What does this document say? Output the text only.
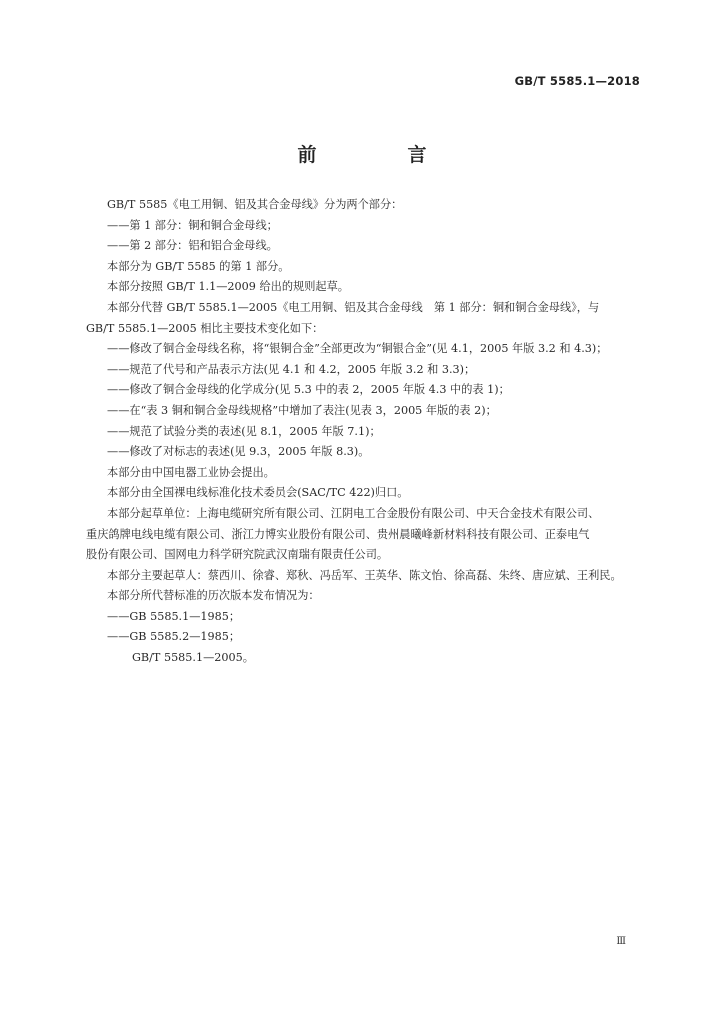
GB/T 5585.1—2018
前　言
GB/T 5585《电工用铜、铝及其合金母线》分为两个部分：
——第 1 部分：铜和铜合金母线；
——第 2 部分：铝和铝合金母线。
本部分为 GB/T 5585 的第 1 部分。
本部分按照 GB/T 1.1—2009 给出的规则起草。
本部分代替 GB/T 5585.1—2005《电工用铜、铝及其合金母线　第 1 部分：铜和铜合金母线》，与
GB/T 5585.1—2005 相比主要技术变化如下：
——修改了铜合金母线名称，将“银铜合金”全部更改为“铜银合金”(见 4.1，2005 年版 3.2 和 4.3)；
——规范了代号和产品表示方法(见 4.1 和 4.2，2005 年版 3.2 和 3.3)；
——修改了铜合金母线的化学成分(见 5.3 中的表 2，2005 年版 4.3 中的表 1)；
——在“表 3 铜和铜合金母线规格”中增加了表注(见表 3，2005 年版的表 2)；
——规范了试验分类的表述(见 8.1，2005 年版 7.1)；
——修改了对标志的表述(见 9.3，2005 年版 8.3)。
本部分由中国电器工业协会提出。
本部分由全国裸电线标准化技术委员会(SAC/TC 422)归口。
本部分起草单位：上海电缆研究所有限公司、江阴电工合金股份有限公司、中天合金技术有限公司、
重庆鸽牌电线电缆有限公司、浙江力博实业股份有限公司、贵州晨曦峰新材料科技有限公司、正泰电气
股份有限公司、国网电力科学研究院武汉南瑞有限责任公司。
本部分主要起草人：蔡西川、徐睿、郑秋、冯岳军、王英华、陈文怡、徐高磊、朱终、唐应斌、王利民。
本部分所代替标准的历次版本发布情况为：
——GB 5585.1—1985；
——GB 5585.2—1985；
GB/T 5585.1—2005。
Ⅲ
